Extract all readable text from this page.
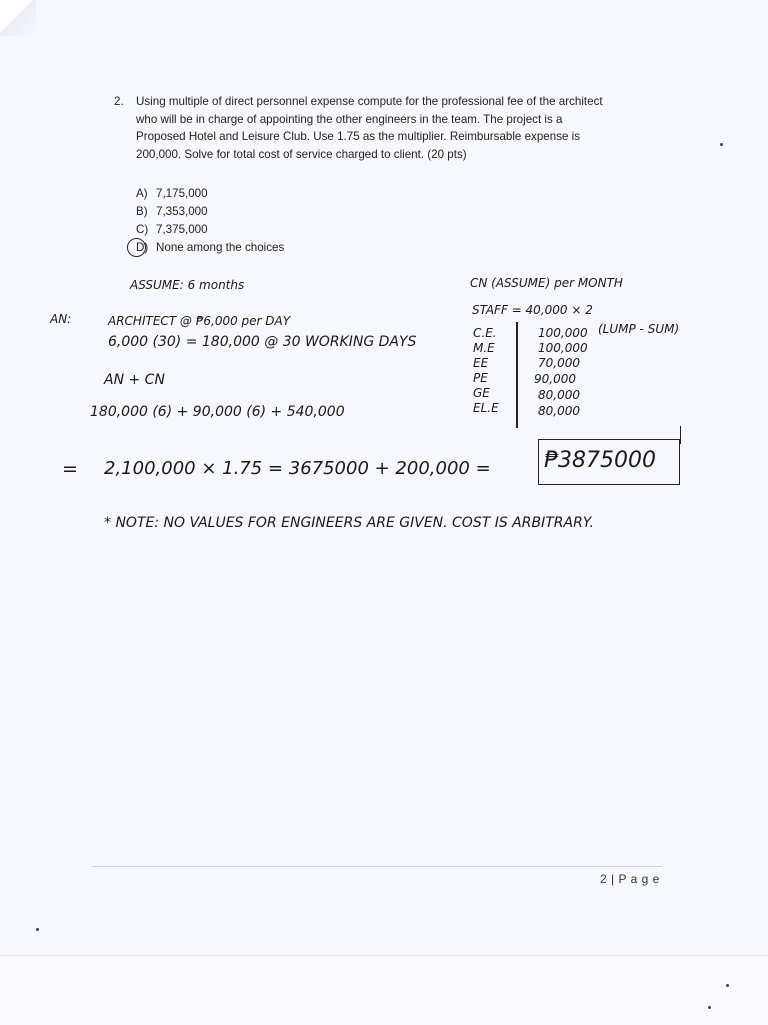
2. Using multiple of direct personnel expense compute for the professional fee of the architect
who will be in charge of appointing the other engineers in the team. The project is a
Proposed Hotel and Leisure Club. Use 1.75 as the multiplier. Reimbursable expense is
200,000. Solve for total cost of service charged to client. (20 pts)
A) 7,175,000
B) 7,353,000
C) 7,375,000
D) None among the choices
ASSUME: 6 months	CN (ASSUME) per MONTH
AN:	ARCHITECT @ ₱6,000 per DAY
6,000 (30) = 180,000 @ 30 WORKING DAYS
AN + CN
180,000 (6) + 90,000 (6) + 540,000
STAFF = 40,000 × 2
C.E.	100,000 (LUMP - SUM)
M.E	100,000
EE	70,000
PE	90,000
GE	80,000
EL.E	80,000
= 2,100,000 × 1.75 = 3675000 + 200,000 = ₱3875000
* NOTE: NO VALUES FOR ENGINEERS ARE GIVEN. COST IS ARBITRARY.
2 | P a g e
